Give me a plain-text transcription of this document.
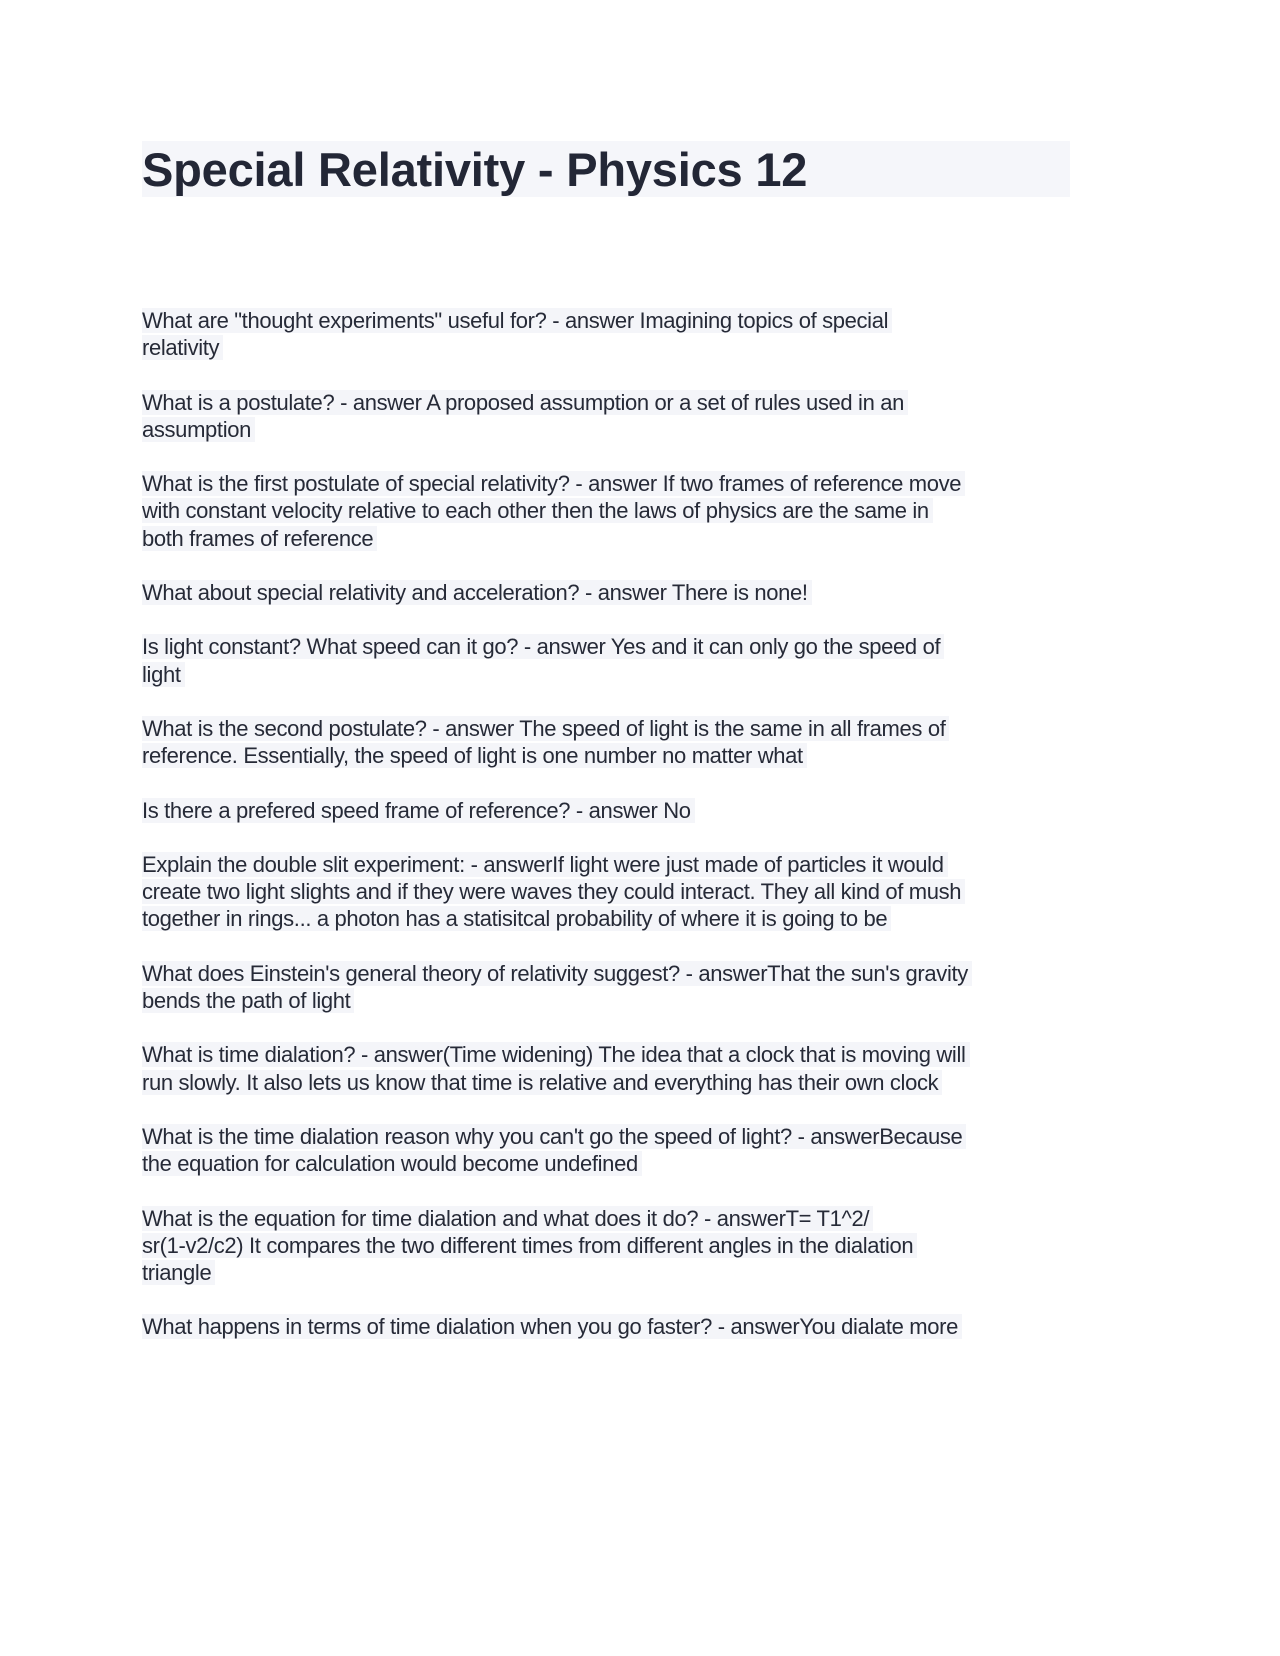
Special Relativity - Physics 12
What are "thought experiments" useful for? - answer Imagining topics of special
relativity
What is a postulate? - answer A proposed assumption or a set of rules used in an
assumption
What is the first postulate of special relativity? - answer If two frames of reference move
with constant velocity relative to each other then the laws of physics are the same in
both frames of reference
What about special relativity and acceleration? - answer There is none!
Is light constant? What speed can it go? - answer Yes and it can only go the speed of
light
What is the second postulate? - answer The speed of light is the same in all frames of
reference. Essentially, the speed of light is one number no matter what
Is there a prefered speed frame of reference? - answer No
Explain the double slit experiment: - answerIf light were just made of particles it would
create two light slights and if they were waves they could interact. They all kind of mush
together in rings... a photon has a statisitcal probability of where it is going to be
What does Einstein's general theory of relativity suggest? - answerThat the sun's gravity
bends the path of light
What is time dialation? - answer(Time widening) The idea that a clock that is moving will
run slowly. It also lets us know that time is relative and everything has their own clock
What is the time dialation reason why you can't go the speed of light? - answerBecause
the equation for calculation would become undefined
What is the equation for time dialation and what does it do? - answerT= T1^2/
sr(1-v2/c2) It compares the two different times from different angles in the dialation
triangle
What happens in terms of time dialation when you go faster? - answerYou dialate more
